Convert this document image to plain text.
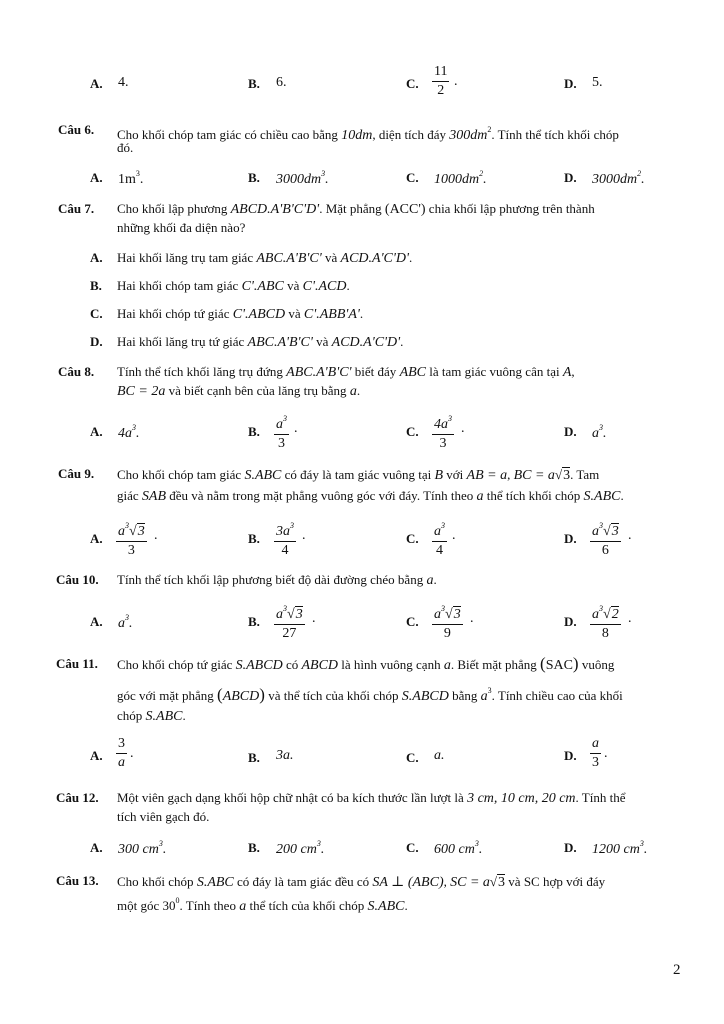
A. 4.	B. 6.	C. $\frac{11}{2}$ .	D. 5.
Câu 6. Cho khối chóp tam giác có chiều cao bằng 10dm, diện tích đáy $300dm^2$. Tính thể tích khối chóp
đó.
A. $1m^3$.	B. $3000dm^3$.	C. $1000dm^2$.	D. $3000dm^2$.
Câu 7. Cho khối lập phương ABCD.A'B'C'D'. Mặt phẳng (ACC') chia khối lập phương trên thành
những khối đa diện nào?
A. Hai khối lăng trụ tam giác ABC.A'B'C' và ACD.A'C'D'.
B. Hai khối chóp tam giác C'.ABC và C'.ACD.
C. Hai khối chóp tứ giác C'.ABCD và C'.ABB'A'.
D. Hai khối lăng trụ tứ giác ABC.A'B'C' và ACD.A'C'D'.
Câu 8. Tính thể tích khối lăng trụ đứng ABC.A'B'C' biết đáy ABC là tam giác vuông cân tại A,
BC = 2a và biết cạnh bên của lăng trụ bằng a.
A. $4a^3$.	B. $\frac{a^3}{3}$ .	C. $\frac{4a^3}{3}$ .	D. $a^3$.
Câu 9. Cho khối chóp tam giác S.ABC có đáy là tam giác vuông tại B với AB = a, BC = a√3. Tam
giác SAB đều và nằm trong mặt phẳng vuông góc với đáy. Tính theo a thể tích khối chóp S.ABC.
A. $\frac{a^3√3}{3}$ .	B. $\frac{3a^3}{4}$ .	C. $\frac{a^3}{4}$ .	D. $\frac{a^3√3}{6}$ .
Câu 10. Tính thể tích khối lập phương biết độ dài đường chéo bằng a.
A. $a^3$.	B. $\frac{a^3√3}{27}$ .	C. $\frac{a^3√3}{9}$ .	D. $\frac{a^3√2}{8}$ .
Câu 11. Cho khối chóp tứ giác S.ABCD có ABCD là hình vuông cạnh a. Biết mặt phẳng (SAC) vuông
góc với mặt phẳng (ABCD) và thể tích của khối chóp S.ABCD bằng $a^3$. Tính chiều cao của khối
chóp S.ABC.
A. $\frac{3}{a}$ .	B. 3a.	C. a.	D. $\frac{a}{3}$ .
Câu 12. Một viên gạch dạng khối hộp chữ nhật có ba kích thước lần lượt là 3 cm, 10 cm, 20 cm. Tính thể
tích viên gạch đó.
A. 300 $cm^3$.	B. 200 $cm^3$.	C. 600 $cm^3$.	D. 1200 $cm^3$.
Câu 13. Cho khối chóp S.ABC có đáy là tam giác đều có SA ⊥ (ABC), SC = a√3 và SC hợp với đáy
một góc $30^0$. Tính theo a thể tích của khối chóp S.ABC.
2
